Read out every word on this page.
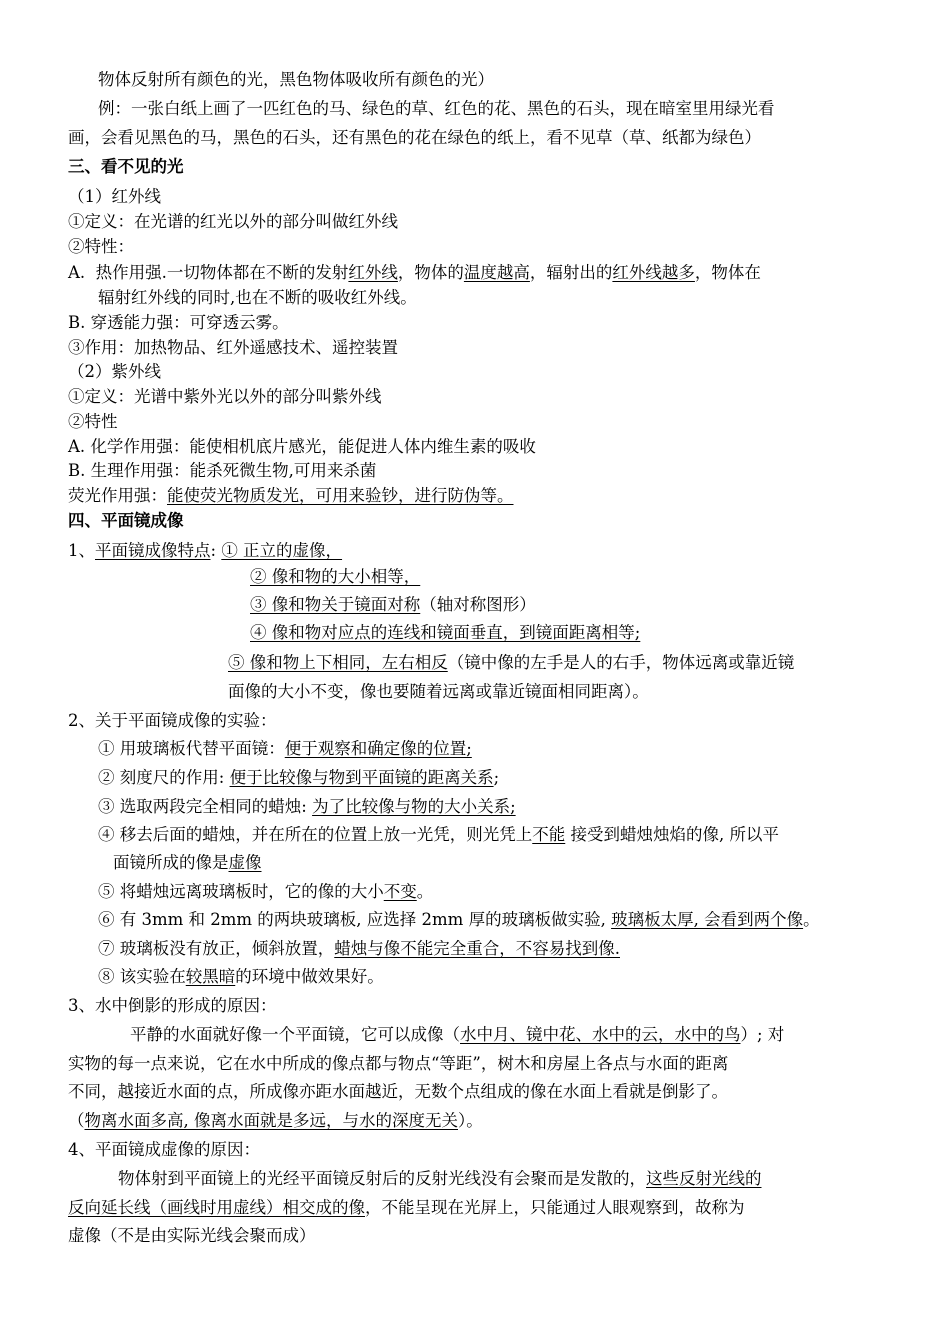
物体反射所有颜色的光，黑色物体吸收所有颜色的光）
例：一张白纸上画了一匹红色的马、绿色的草、红色的花、黑色的石头，现在暗室里用绿光看
画，会看见黑色的马，黑色的石头，还有黑色的花在绿色的纸上，看不见草（草、纸都为绿色）
三、看不见的光
（1）红外线
①定义：在光谱的红光以外的部分叫做红外线
②特性：
A.  热作用强.一切物体都在不断的发射红外线，物体的温度越高，辐射出的红外线越多，物体在
辐射红外线的同时,也在不断的吸收红外线。
B. 穿透能力强：可穿透云雾。
③作用：加热物品、红外遥感技术、遥控装置
（2）紫外线
①定义：光谱中紫外光以外的部分叫紫外线
②特性
A. 化学作用强：能使相机底片感光，能促进人体内维生素的吸收
B. 生理作用强：能杀死微生物,可用来杀菌
荧光作用强：能使荧光物质发光，可用来验钞，进行防伪等。
四、平面镜成像
1、平面镜成像特点: ① 正立的虚像，
② 像和物的大小相等，
③ 像和物关于镜面对称（轴对称图形）
④ 像和物对应点的连线和镜面垂直，到镜面距离相等;
⑤ 像和物上下相同，左右相反（镜中像的左手是人的右手，物体远离或靠近镜
面像的大小不变，像也要随着远离或靠近镜面相同距离）。
2、关于平面镜成像的实验：
① 用玻璃板代替平面镜：便于观察和确定像的位置;
② 刻度尺的作用: 便于比较像与物到平面镜的距离关系;
③ 选取两段完全相同的蜡烛: 为了比较像与物的大小关系;
④ 移去后面的蜡烛，并在所在的位置上放一光凭，则光凭上不能 接受到蜡烛烛焰的像, 所以平
面镜所成的像是虚像
⑤ 将蜡烛远离玻璃板时，它的像的大小不变。
⑥ 有 3mm 和 2mm 的两块玻璃板, 应选择 2mm 厚的玻璃板做实验, 玻璃板太厚, 会看到两个像。
⑦ 玻璃板没有放正，倾斜放置，蜡烛与像不能完全重合，不容易找到像.
⑧ 该实验在较黑暗的环境中做效果好。
3、水中倒影的形成的原因：
平静的水面就好像一个平面镜，它可以成像（水中月、镜中花、水中的云，水中的鸟）; 对
实物的每一点来说，它在水中所成的像点都与物点“等距”，树木和房屋上各点与水面的距离
不同，越接近水面的点，所成像亦距水面越近，无数个点组成的像在水面上看就是倒影了。
（物离水面多高, 像离水面就是多远，与水的深度无关）。
4、平面镜成虚像的原因：
物体射到平面镜上的光经平面镜反射后的反射光线没有会聚而是发散的，这些反射光线的
反向延长线（画线时用虚线）相交成的像，不能呈现在光屏上，只能通过人眼观察到，故称为
虚像（不是由实际光线会聚而成）
